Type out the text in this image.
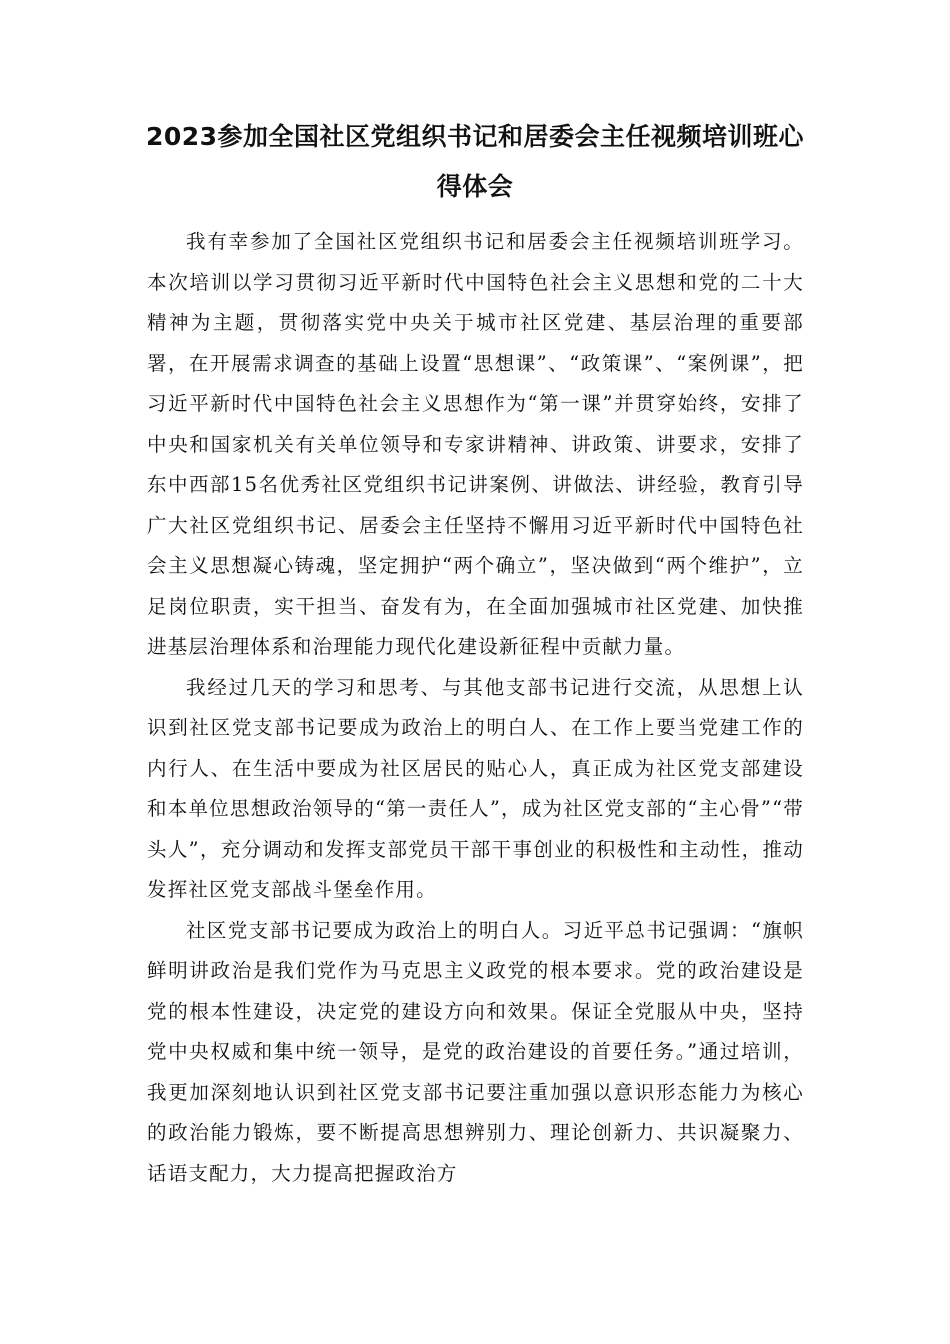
2023参加全国社区党组织书记和居委会主任视频培训班心得体会

我有幸参加了全国社区党组织书记和居委会主任视频培训班学习。本次培训以学习贯彻习近平新时代中国特色社会主义思想和党的二十大精神为主题，贯彻落实党中央关于城市社区党建、基层治理的重要部署，在开展需求调查的基础上设置“思想课”、“政策课”、“案例课”，把习近平新时代中国特色社会主义思想作为“第一课”并贯穿始终，安排了中央和国家机关有关单位领导和专家讲精神、讲政策、讲要求，安排了东中西部15名优秀社区党组织书记讲案例、讲做法、讲经验，教育引导广大社区党组织书记、居委会主任坚持不懈用习近平新时代中国特色社会主义思想凝心铸魂，坚定拥护“两个确立”，坚决做到“两个维护”，立足岗位职责，实干担当、奋发有为，在全面加强城市社区党建、加快推进基层治理体系和治理能力现代化建设新征程中贡献力量。

我经过几天的学习和思考、与其他支部书记进行交流，从思想上认识到社区党支部书记要成为政治上的明白人、在工作上要当党建工作的内行人、在生活中要成为社区居民的贴心人，真正成为社区党支部建设和本单位思想政治领导的“第一责任人”，成为社区党支部的“主心骨”“带头人”，充分调动和发挥支部党员干部干事创业的积极性和主动性，推动发挥社区党支部战斗堡垒作用。

社区党支部书记要成为政治上的明白人。习近平总书记强调：“旗帜鲜明讲政治是我们党作为马克思主义政党的根本要求。党的政治建设是党的根本性建设，决定党的建设方向和效果。保证全党服从中央，坚持党中央权威和集中统一领导，是党的政治建设的首要任务。”通过培训，我更加深刻地认识到社区党支部书记要注重加强以意识形态能力为核心的政治能力锻炼，要不断提高思想辨别力、理论创新力、共识凝聚力、话语支配力，大力提高把握政治方
